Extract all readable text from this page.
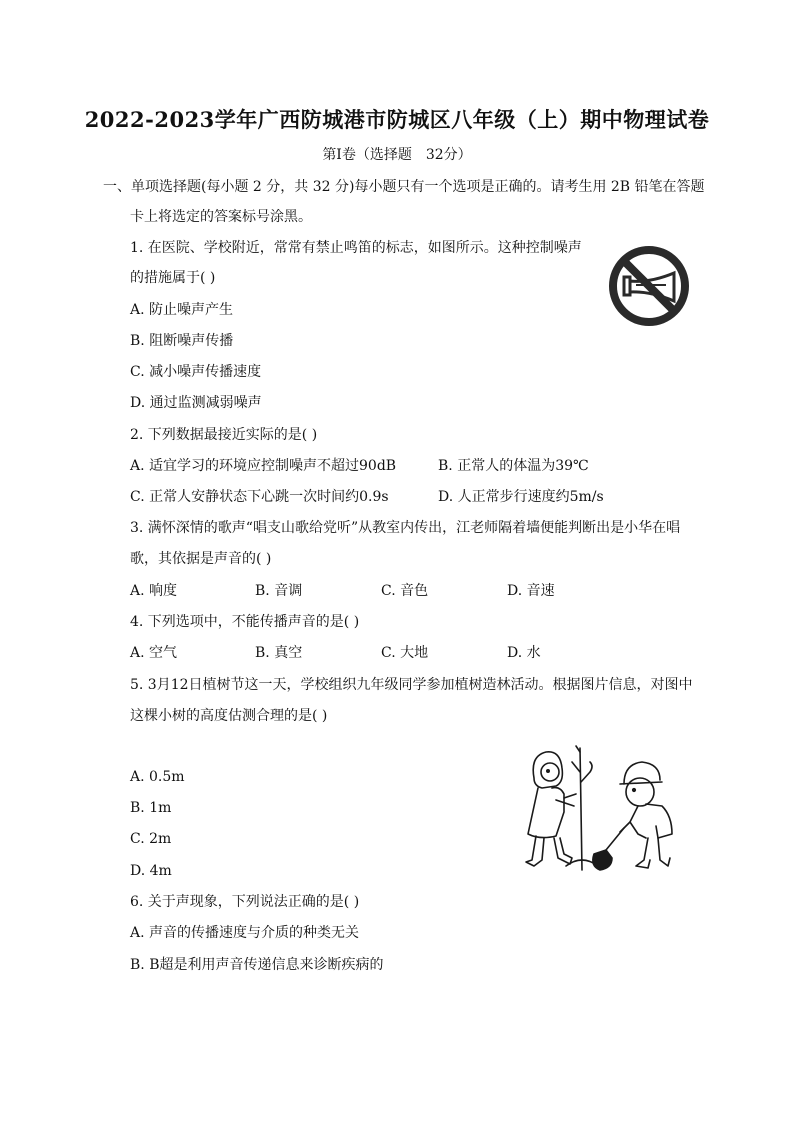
2022-2023学年广西防城港市防城区八年级（上）期中物理试卷
第Ⅰ卷（选择题　32分）
一、单项选择题(每小题 2 分，共 32 分)每小题只有一个选项是正确的。请考生用 2B 铅笔在答题
卡上将选定的答案标号涂黑。
1. 在医院、学校附近，常常有禁止鸣笛的标志，如图所示。这种控制噪声
的措施属于( )
A. 防止噪声产生
B. 阻断噪声传播
C. 减小噪声传播速度
D. 通过监测减弱噪声
2. 下列数据最接近实际的是( )
A. 适宜学习的环境应控制噪声不超过90dB	B. 正常人的体温为39℃
C. 正常人安静状态下心跳一次时间约0.9s	D. 人正常步行速度约5m/s
3. 满怀深情的歌声“唱支山歌给党听”从教室内传出，江老师隔着墙便能判断出是小华在唱
歌，其依据是声音的( )
A. 响度	B. 音调	C. 音色	D. 音速
4. 下列选项中，不能传播声音的是( )
A. 空气	B. 真空	C. 大地	D. 水
5. 3月12日植树节这一天，学校组织九年级同学参加植树造林活动。根据图片信息，对图中
这棵小树的高度估测合理的是( )
A. 0.5m
B. 1m
C. 2m
D. 4m
6. 关于声现象，下列说法正确的是( )
A. 声音的传播速度与介质的种类无关
B. B超是利用声音传递信息来诊断疾病的
